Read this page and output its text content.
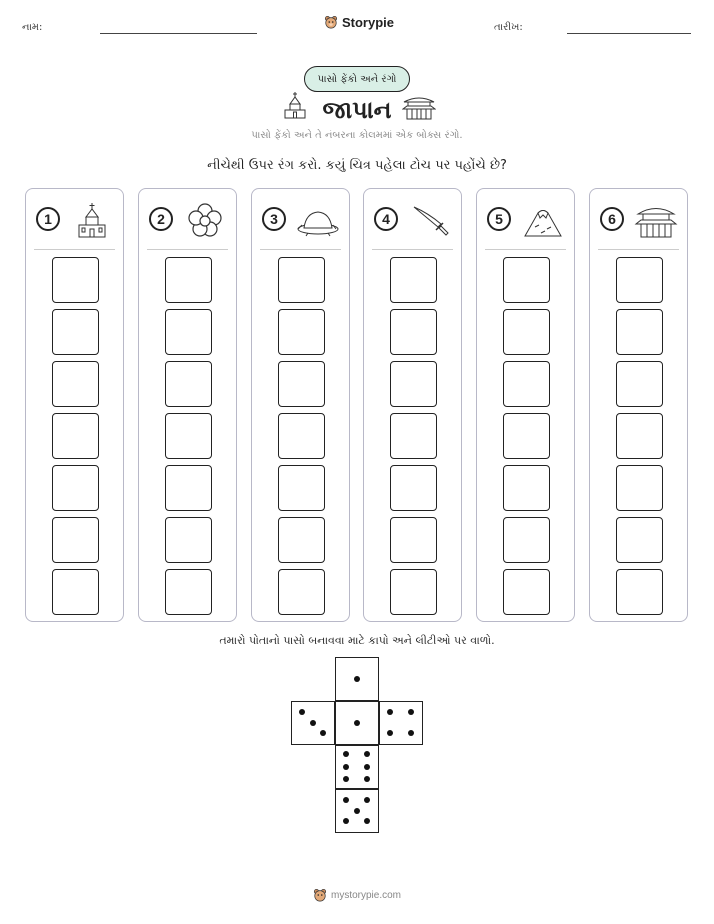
નામ:	Storypie	તારીખ:
પાસો ફેંકો અને રંગો
જાપાન
પાસો ફેંકો અને તે નંબરના કોલમમાં એક બોક્સ રંગો.
નીચેથી ઉપર રંગ કરો. કયું ચિત્ર પહેલા ટોચ પર પહોંચે છે?
1	2	3	4	5	6
તમારો પોતાનો પાસો બનાવવા માટે કાપો અને લીટીઓ પર વાળો.
mystorypie.com
